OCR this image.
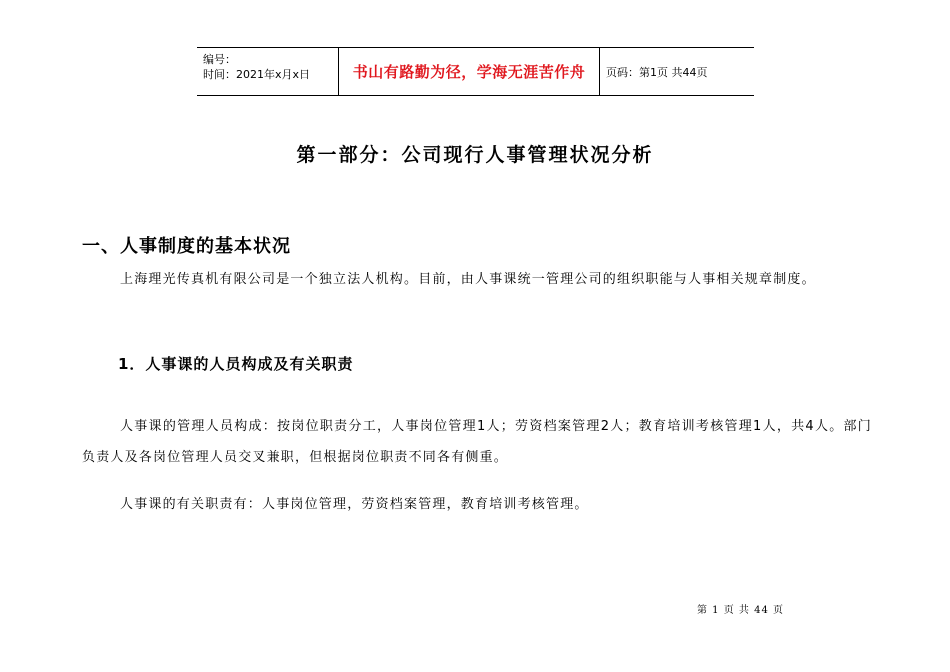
编号：
时间：2021年x月x日	书山有路勤为径，学海无涯苦作舟	页码：第1页 共44页
第一部分：公司现行人事管理状况分析
一、人事制度的基本状况
上海理光传真机有限公司是一个独立法人机构。目前，由人事课统一管理公司的组织职能与人事相关规章制度。
1．人事课的人员构成及有关职责
人事课的管理人员构成：按岗位职责分工，人事岗位管理1人；劳资档案管理2人；教育培训考核管理1人，共4人。部门负责人及各岗位管理人员交叉兼职，但根据岗位职责不同各有侧重。
人事课的有关职责有：人事岗位管理，劳资档案管理，教育培训考核管理。
第 1 页 共 44 页
